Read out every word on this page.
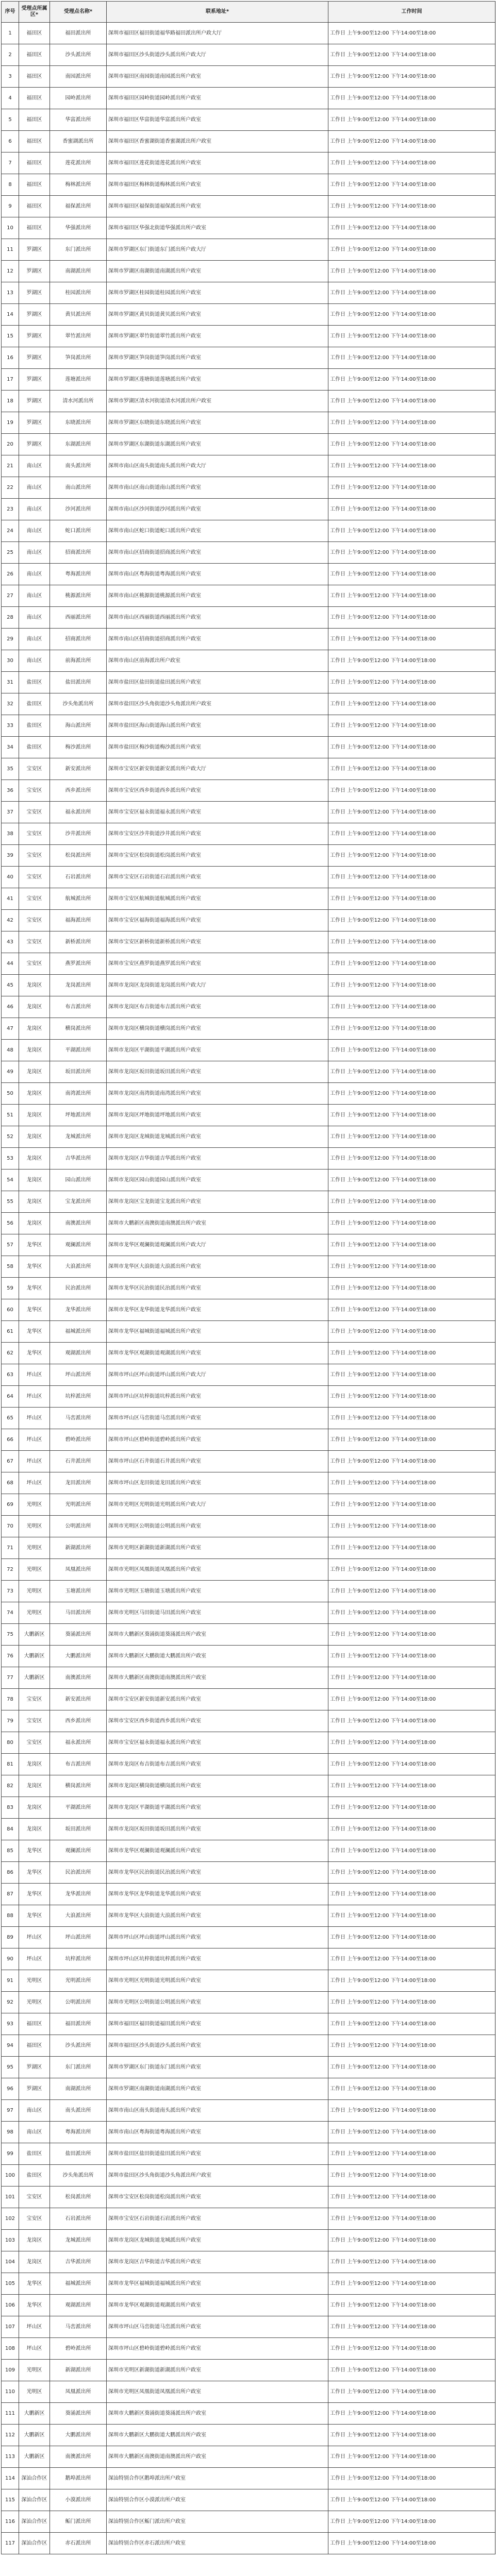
序号	受理点所属区*	受理点名称*	联系地址*	工作时间
1	福田区	福田派出所	深圳市福田区福田街道福华路福田派出所户政大厅	工作日 上午9:00至12:00 下午14:00至18:00
2	福田区	沙头派出所	深圳市福田区沙头街道沙头派出所户政大厅	工作日 上午9:00至12:00 下午14:00至18:00
3	福田区	南园派出所	深圳市福田区南园街道南园派出所户政室	工作日 上午9:00至12:00 下午14:00至18:00
4	福田区	园岭派出所	深圳市福田区园岭街道园岭派出所户政室	工作日 上午9:00至12:00 下午14:00至18:00
5	福田区	华富派出所	深圳市福田区华富街道华富派出所户政室	工作日 上午9:00至12:00 下午14:00至18:00
6	福田区	香蜜湖派出所	深圳市福田区香蜜湖街道香蜜湖派出所户政室	工作日 上午9:00至12:00 下午14:00至18:00
7	福田区	莲花派出所	深圳市福田区莲花街道莲花派出所户政室	工作日 上午9:00至12:00 下午14:00至18:00
8	福田区	梅林派出所	深圳市福田区梅林街道梅林派出所户政室	工作日 上午9:00至12:00 下午14:00至18:00
9	福田区	福保派出所	深圳市福田区福保街道福保派出所户政室	工作日 上午9:00至12:00 下午14:00至18:00
10	福田区	华强派出所	深圳市福田区华强北街道华强派出所户政室	工作日 上午9:00至12:00 下午14:00至18:00
11	罗湖区	东门派出所	深圳市罗湖区东门街道东门派出所户政大厅	工作日 上午9:00至12:00 下午14:00至18:00
12	罗湖区	南湖派出所	深圳市罗湖区南湖街道南湖派出所户政室	工作日 上午9:00至12:00 下午14:00至18:00
13	罗湖区	桂园派出所	深圳市罗湖区桂园街道桂园派出所户政室	工作日 上午9:00至12:00 下午14:00至18:00
14	罗湖区	黄贝派出所	深圳市罗湖区黄贝街道黄贝派出所户政室	工作日 上午9:00至12:00 下午14:00至18:00
15	罗湖区	翠竹派出所	深圳市罗湖区翠竹街道翠竹派出所户政室	工作日 上午9:00至12:00 下午14:00至18:00
16	罗湖区	笋岗派出所	深圳市罗湖区笋岗街道笋岗派出所户政室	工作日 上午9:00至12:00 下午14:00至18:00
17	罗湖区	莲塘派出所	深圳市罗湖区莲塘街道莲塘派出所户政室	工作日 上午9:00至12:00 下午14:00至18:00
18	罗湖区	清水河派出所	深圳市罗湖区清水河街道清水河派出所户政室	工作日 上午9:00至12:00 下午14:00至18:00
19	罗湖区	东晓派出所	深圳市罗湖区东晓街道东晓派出所户政室	工作日 上午9:00至12:00 下午14:00至18:00
20	罗湖区	东湖派出所	深圳市罗湖区东湖街道东湖派出所户政室	工作日 上午9:00至12:00 下午14:00至18:00
21	南山区	南头派出所	深圳市南山区南头街道南头派出所户政大厅	工作日 上午9:00至12:00 下午14:00至18:00
22	南山区	南山派出所	深圳市南山区南山街道南山派出所户政室	工作日 上午9:00至12:00 下午14:00至18:00
23	南山区	沙河派出所	深圳市南山区沙河街道沙河派出所户政室	工作日 上午9:00至12:00 下午14:00至18:00
24	南山区	蛇口派出所	深圳市南山区蛇口街道蛇口派出所户政室	工作日 上午9:00至12:00 下午14:00至18:00
25	南山区	招商派出所	深圳市南山区招商街道招商派出所户政室	工作日 上午9:00至12:00 下午14:00至18:00
26	南山区	粤海派出所	深圳市南山区粤海街道粤海派出所户政室	工作日 上午9:00至12:00 下午14:00至18:00
27	南山区	桃源派出所	深圳市南山区桃源街道桃源派出所户政室	工作日 上午9:00至12:00 下午14:00至18:00
28	南山区	西丽派出所	深圳市南山区西丽街道西丽派出所户政室	工作日 上午9:00至12:00 下午14:00至18:00
29	南山区	招商派出所	深圳市南山区招商街道招商派出所户政室	工作日 上午9:00至12:00 下午14:00至18:00
30	南山区	前海派出所	深圳市南山区前海派出所户政室	工作日 上午9:00至12:00 下午14:00至18:00
31	盐田区	盐田派出所	深圳市盐田区盐田街道盐田派出所户政室	工作日 上午9:00至12:00 下午14:00至18:00
32	盐田区	沙头角派出所	深圳市盐田区沙头角街道沙头角派出所户政室	工作日 上午9:00至12:00 下午14:00至18:00
33	盐田区	海山派出所	深圳市盐田区海山街道海山派出所户政室	工作日 上午9:00至12:00 下午14:00至18:00
34	盐田区	梅沙派出所	深圳市盐田区梅沙街道梅沙派出所户政室	工作日 上午9:00至12:00 下午14:00至18:00
35	宝安区	新安派出所	深圳市宝安区新安街道新安派出所户政大厅	工作日 上午9:00至12:00 下午14:00至18:00
36	宝安区	西乡派出所	深圳市宝安区西乡街道西乡派出所户政室	工作日 上午9:00至12:00 下午14:00至18:00
37	宝安区	福永派出所	深圳市宝安区福永街道福永派出所户政室	工作日 上午9:00至12:00 下午14:00至18:00
38	宝安区	沙井派出所	深圳市宝安区沙井街道沙井派出所户政室	工作日 上午9:00至12:00 下午14:00至18:00
39	宝安区	松岗派出所	深圳市宝安区松岗街道松岗派出所户政室	工作日 上午9:00至12:00 下午14:00至18:00
40	宝安区	石岩派出所	深圳市宝安区石岩街道石岩派出所户政室	工作日 上午9:00至12:00 下午14:00至18:00
41	宝安区	航城派出所	深圳市宝安区航城街道航城派出所户政室	工作日 上午9:00至12:00 下午14:00至18:00
42	宝安区	福海派出所	深圳市宝安区福海街道福海派出所户政室	工作日 上午9:00至12:00 下午14:00至18:00
43	宝安区	新桥派出所	深圳市宝安区新桥街道新桥派出所户政室	工作日 上午9:00至12:00 下午14:00至18:00
44	宝安区	燕罗派出所	深圳市宝安区燕罗街道燕罗派出所户政室	工作日 上午9:00至12:00 下午14:00至18:00
45	龙岗区	龙岗派出所	深圳市龙岗区龙岗街道龙岗派出所户政大厅	工作日 上午9:00至12:00 下午14:00至18:00
46	龙岗区	布吉派出所	深圳市龙岗区布吉街道布吉派出所户政室	工作日 上午9:00至12:00 下午14:00至18:00
47	龙岗区	横岗派出所	深圳市龙岗区横岗街道横岗派出所户政室	工作日 上午9:00至12:00 下午14:00至18:00
48	龙岗区	平湖派出所	深圳市龙岗区平湖街道平湖派出所户政室	工作日 上午9:00至12:00 下午14:00至18:00
49	龙岗区	坂田派出所	深圳市龙岗区坂田街道坂田派出所户政室	工作日 上午9:00至12:00 下午14:00至18:00
50	龙岗区	南湾派出所	深圳市龙岗区南湾街道南湾派出所户政室	工作日 上午9:00至12:00 下午14:00至18:00
51	龙岗区	坪地派出所	深圳市龙岗区坪地街道坪地派出所户政室	工作日 上午9:00至12:00 下午14:00至18:00
52	龙岗区	龙城派出所	深圳市龙岗区龙城街道龙城派出所户政室	工作日 上午9:00至12:00 下午14:00至18:00
53	龙岗区	吉华派出所	深圳市龙岗区吉华街道吉华派出所户政室	工作日 上午9:00至12:00 下午14:00至18:00
54	龙岗区	园山派出所	深圳市龙岗区园山街道园山派出所户政室	工作日 上午9:00至12:00 下午14:00至18:00
55	龙岗区	宝龙派出所	深圳市龙岗区宝龙街道宝龙派出所户政室	工作日 上午9:00至12:00 下午14:00至18:00
56	龙岗区	南澳派出所	深圳市大鹏新区南澳街道南澳派出所户政室	工作日 上午9:00至12:00 下午14:00至18:00
57	龙华区	观澜派出所	深圳市龙华区观澜街道观澜派出所户政大厅	工作日 上午9:00至12:00 下午14:00至18:00
58	龙华区	大浪派出所	深圳市龙华区大浪街道大浪派出所户政室	工作日 上午9:00至12:00 下午14:00至18:00
59	龙华区	民治派出所	深圳市龙华区民治街道民治派出所户政室	工作日 上午9:00至12:00 下午14:00至18:00
60	龙华区	龙华派出所	深圳市龙华区龙华街道龙华派出所户政室	工作日 上午9:00至12:00 下午14:00至18:00
61	龙华区	福城派出所	深圳市龙华区福城街道福城派出所户政室	工作日 上午9:00至12:00 下午14:00至18:00
62	龙华区	观湖派出所	深圳市龙华区观湖街道观湖派出所户政室	工作日 上午9:00至12:00 下午14:00至18:00
63	坪山区	坪山派出所	深圳市坪山区坪山街道坪山派出所户政大厅	工作日 上午9:00至12:00 下午14:00至18:00
64	坪山区	坑梓派出所	深圳市坪山区坑梓街道坑梓派出所户政室	工作日 上午9:00至12:00 下午14:00至18:00
65	坪山区	马峦派出所	深圳市坪山区马峦街道马峦派出所户政室	工作日 上午9:00至12:00 下午14:00至18:00
66	坪山区	碧岭派出所	深圳市坪山区碧岭街道碧岭派出所户政室	工作日 上午9:00至12:00 下午14:00至18:00
67	坪山区	石井派出所	深圳市坪山区石井街道石井派出所户政室	工作日 上午9:00至12:00 下午14:00至18:00
68	坪山区	龙田派出所	深圳市坪山区龙田街道龙田派出所户政室	工作日 上午9:00至12:00 下午14:00至18:00
69	光明区	光明派出所	深圳市光明区光明街道光明派出所户政大厅	工作日 上午9:00至12:00 下午14:00至18:00
70	光明区	公明派出所	深圳市光明区公明街道公明派出所户政室	工作日 上午9:00至12:00 下午14:00至18:00
71	光明区	新湖派出所	深圳市光明区新湖街道新湖派出所户政室	工作日 上午9:00至12:00 下午14:00至18:00
72	光明区	凤凰派出所	深圳市光明区凤凰街道凤凰派出所户政室	工作日 上午9:00至12:00 下午14:00至18:00
73	光明区	玉塘派出所	深圳市光明区玉塘街道玉塘派出所户政室	工作日 上午9:00至12:00 下午14:00至18:00
74	光明区	马田派出所	深圳市光明区马田街道马田派出所户政室	工作日 上午9:00至12:00 下午14:00至18:00
75	大鹏新区	葵涌派出所	深圳市大鹏新区葵涌街道葵涌派出所户政室	工作日 上午9:00至12:00 下午14:00至18:00
76	大鹏新区	大鹏派出所	深圳市大鹏新区大鹏街道大鹏派出所户政室	工作日 上午9:00至12:00 下午14:00至18:00
77	大鹏新区	南澳派出所	深圳市大鹏新区南澳街道南澳派出所户政室	工作日 上午9:00至12:00 下午14:00至18:00
78	宝安区	新安派出所	深圳市宝安区新安街道新安派出所户政室	工作日 上午9:00至12:00 下午14:00至18:00
79	宝安区	西乡派出所	深圳市宝安区西乡街道西乡派出所户政室	工作日 上午9:00至12:00 下午14:00至18:00
80	宝安区	福永派出所	深圳市宝安区福永街道福永派出所户政室	工作日 上午9:00至12:00 下午14:00至18:00
81	龙岗区	布吉派出所	深圳市龙岗区布吉街道布吉派出所户政室	工作日 上午9:00至12:00 下午14:00至18:00
82	龙岗区	横岗派出所	深圳市龙岗区横岗街道横岗派出所户政室	工作日 上午9:00至12:00 下午14:00至18:00
83	龙岗区	平湖派出所	深圳市龙岗区平湖街道平湖派出所户政室	工作日 上午9:00至12:00 下午14:00至18:00
84	龙岗区	坂田派出所	深圳市龙岗区坂田街道坂田派出所户政室	工作日 上午9:00至12:00 下午14:00至18:00
85	龙华区	观澜派出所	深圳市龙华区观澜街道观澜派出所户政室	工作日 上午9:00至12:00 下午14:00至18:00
86	龙华区	民治派出所	深圳市龙华区民治街道民治派出所户政室	工作日 上午9:00至12:00 下午14:00至18:00
87	龙华区	龙华派出所	深圳市龙华区龙华街道龙华派出所户政室	工作日 上午9:00至12:00 下午14:00至18:00
88	龙华区	大浪派出所	深圳市龙华区大浪街道大浪派出所户政室	工作日 上午9:00至12:00 下午14:00至18:00
89	坪山区	坪山派出所	深圳市坪山区坪山街道坪山派出所户政室	工作日 上午9:00至12:00 下午14:00至18:00
90	坪山区	坑梓派出所	深圳市坪山区坑梓街道坑梓派出所户政室	工作日 上午9:00至12:00 下午14:00至18:00
91	光明区	光明派出所	深圳市光明区光明街道光明派出所户政室	工作日 上午9:00至12:00 下午14:00至18:00
92	光明区	公明派出所	深圳市光明区公明街道公明派出所户政室	工作日 上午9:00至12:00 下午14:00至18:00
93	福田区	福田派出所	深圳市福田区福田街道福田派出所户政室	工作日 上午9:00至12:00 下午14:00至18:00
94	福田区	沙头派出所	深圳市福田区沙头街道沙头派出所户政室	工作日 上午9:00至12:00 下午14:00至18:00
95	罗湖区	东门派出所	深圳市罗湖区东门街道东门派出所户政室	工作日 上午9:00至12:00 下午14:00至18:00
96	罗湖区	南湖派出所	深圳市罗湖区南湖街道南湖派出所户政室	工作日 上午9:00至12:00 下午14:00至18:00
97	南山区	南头派出所	深圳市南山区南头街道南头派出所户政室	工作日 上午9:00至12:00 下午14:00至18:00
98	南山区	粤海派出所	深圳市南山区粤海街道粤海派出所户政室	工作日 上午9:00至12:00 下午14:00至18:00
99	盐田区	盐田派出所	深圳市盐田区盐田街道盐田派出所户政室	工作日 上午9:00至12:00 下午14:00至18:00
100	盐田区	沙头角派出所	深圳市盐田区沙头角街道沙头角派出所户政室	工作日 上午9:00至12:00 下午14:00至18:00
101	宝安区	松岗派出所	深圳市宝安区松岗街道松岗派出所户政室	工作日 上午9:00至12:00 下午14:00至18:00
102	宝安区	石岩派出所	深圳市宝安区石岩街道石岩派出所户政室	工作日 上午9:00至12:00 下午14:00至18:00
103	龙岗区	龙城派出所	深圳市龙岗区龙城街道龙城派出所户政室	工作日 上午9:00至12:00 下午14:00至18:00
104	龙岗区	吉华派出所	深圳市龙岗区吉华街道吉华派出所户政室	工作日 上午9:00至12:00 下午14:00至18:00
105	龙华区	福城派出所	深圳市龙华区福城街道福城派出所户政室	工作日 上午9:00至12:00 下午14:00至18:00
106	龙华区	观湖派出所	深圳市龙华区观湖街道观湖派出所户政室	工作日 上午9:00至12:00 下午14:00至18:00
107	坪山区	马峦派出所	深圳市坪山区马峦街道马峦派出所户政室	工作日 上午9:00至12:00 下午14:00至18:00
108	坪山区	碧岭派出所	深圳市坪山区碧岭街道碧岭派出所户政室	工作日 上午9:00至12:00 下午14:00至18:00
109	光明区	新湖派出所	深圳市光明区新湖街道新湖派出所户政室	工作日 上午9:00至12:00 下午14:00至18:00
110	光明区	凤凰派出所	深圳市光明区凤凰街道凤凰派出所户政室	工作日 上午9:00至12:00 下午14:00至18:00
111	大鹏新区	葵涌派出所	深圳市大鹏新区葵涌街道葵涌派出所户政室	工作日 上午9:00至12:00 下午14:00至18:00
112	大鹏新区	大鹏派出所	深圳市大鹏新区大鹏街道大鹏派出所户政室	工作日 上午9:00至12:00 下午14:00至18:00
113	大鹏新区	南澳派出所	深圳市大鹏新区南澳街道南澳派出所户政室	工作日 上午9:00至12:00 下午14:00至18:00
114	深汕合作区	鹅埠派出所	深汕特别合作区鹅埠派出所户政室	工作日 上午9:00至12:00 下午14:00至18:00
115	深汕合作区	小漠派出所	深汕特别合作区小漠派出所户政室	工作日 上午9:00至12:00 下午14:00至18:00
116	深汕合作区	鲘门派出所	深汕特别合作区鲘门派出所户政室	工作日 上午9:00至12:00 下午14:00至18:00
117	深汕合作区	赤石派出所	深汕特别合作区赤石派出所户政室	工作日 上午9:00至12:00 下午14:00至18:00
